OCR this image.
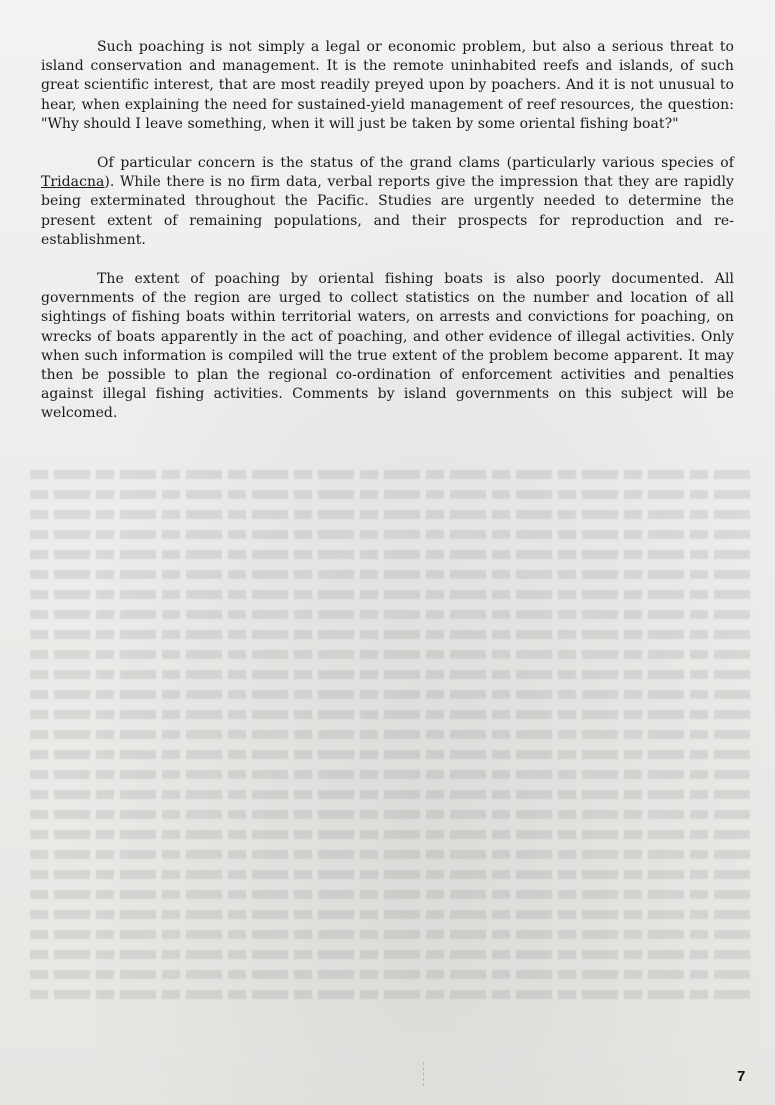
Such poaching is not simply a legal or economic problem, but also a serious threat to island conservation and management. It is the remote uninhabited reefs and islands, of such great scientific interest, that are most readily preyed upon by poachers. And it is not unusual to hear, when explaining the need for sustained-yield management of reef resources, the question: "Why should I leave something, when it will just be taken by some oriental fishing boat?"

Of particular concern is the status of the grand clams (particularly various species of Tridacna). While there is no firm data, verbal reports give the impression that they are rapidly being exterminated throughout the Pacific. Studies are urgently needed to determine the present extent of remaining populations, and their prospects for reproduction and re-establishment.

The extent of poaching by oriental fishing boats is also poorly documented. All governments of the region are urged to collect statistics on the number and location of all sightings of fishing boats within territorial waters, on arrests and convictions for poaching, on wrecks of boats apparently in the act of poaching, and other evidence of illegal activities. Only when such information is compiled will the true extent of the problem become apparent. It may then be possible to plan the regional co-ordination of enforcement activities and penalties against illegal fishing activities. Comments by island governments on this subject will be welcomed.

7
